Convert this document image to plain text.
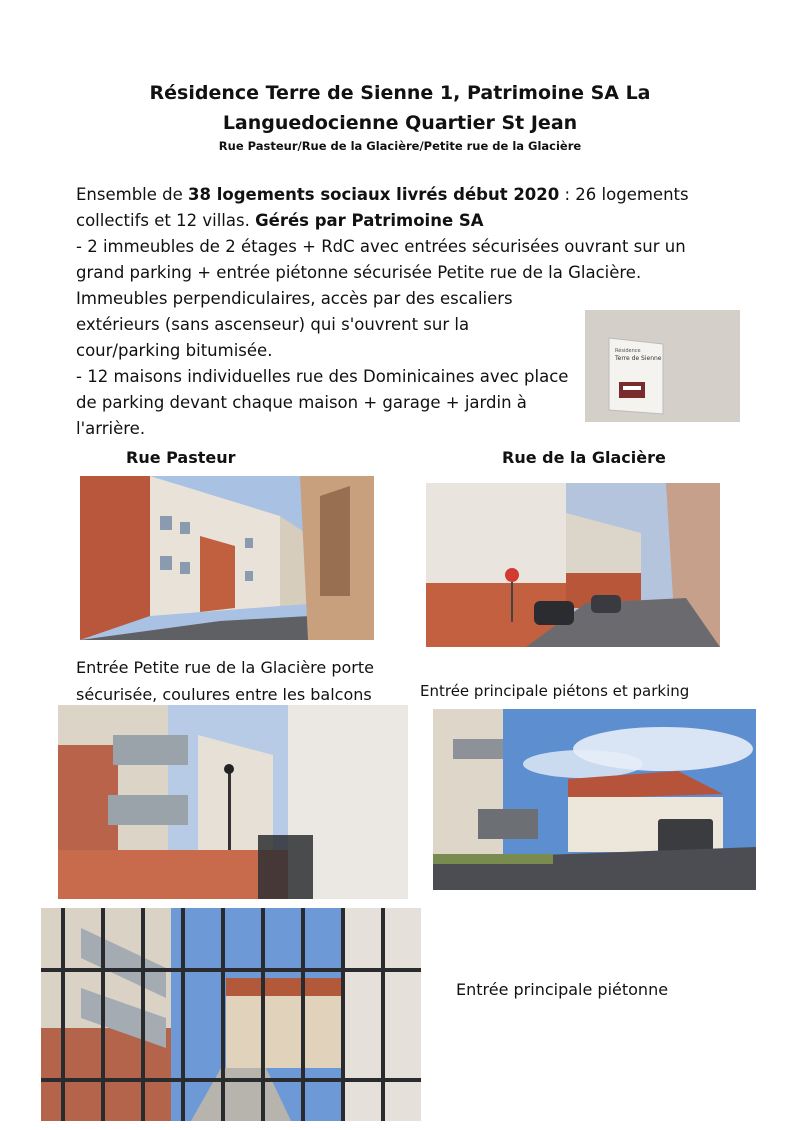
Résidence Terre de Sienne 1, Patrimoine SA La
Languedocienne Quartier St Jean
Rue Pasteur/Rue de la Glacière/Petite rue de la Glacière
Ensemble de 38 logements sociaux livrés début 2020 : 26 logements
collectifs et 12 villas. Gérés par Patrimoine SA
- 2 immeubles de 2 étages + RdC avec entrées sécurisées ouvrant sur un
grand parking + entrée piétonne sécurisée Petite rue de la Glacière.
Immeubles perpendiculaires, accès par des escaliers
extérieurs (sans ascenseur) qui s'ouvrent sur la
cour/parking bitumisée.
- 12 maisons individuelles rue des Dominicaines avec place
de parking devant chaque maison + garage + jardin à
l'arrière.
Résidence
Terre de Sienne
Rue Pasteur	Rue de la Glacière
Entrée Petite rue de la Glacière porte
sécurisée, coulures entre les balcons	Entrée principale piétons et parking
Entrée principale piétonne
